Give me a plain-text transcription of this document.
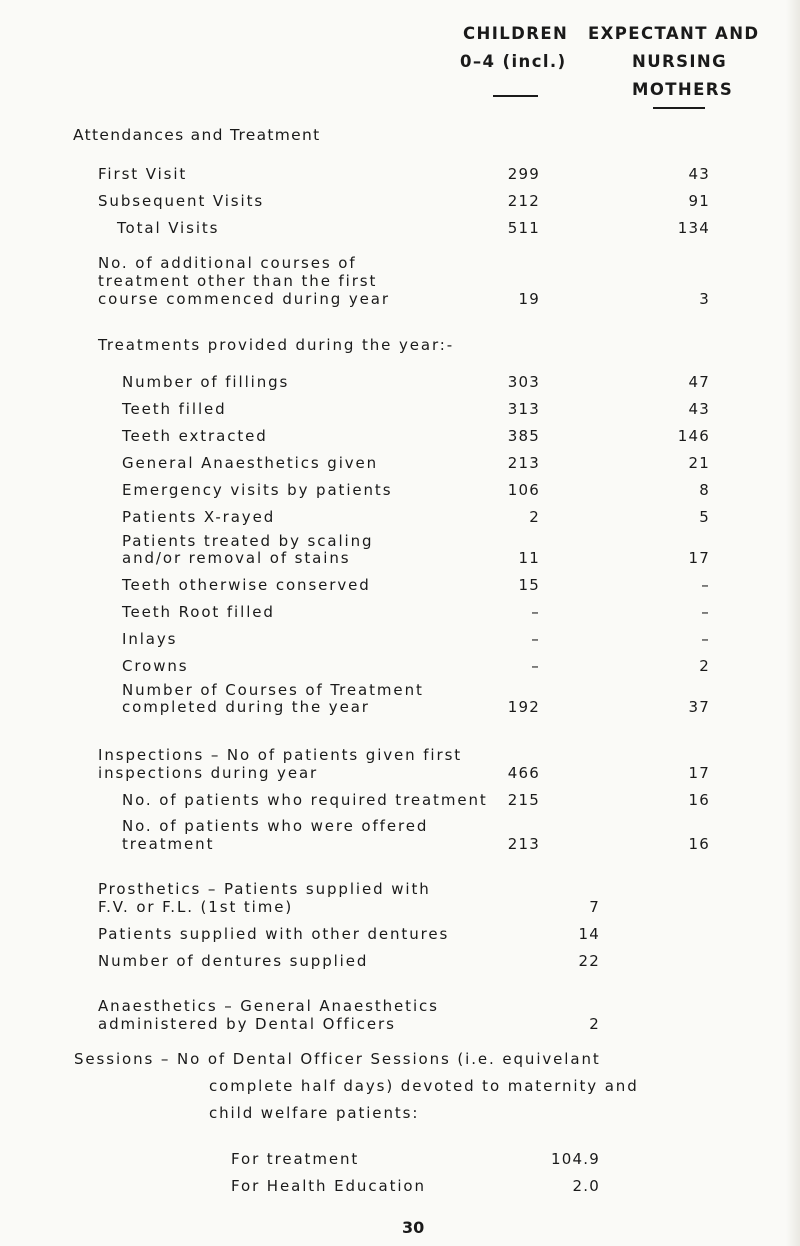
CHILDREN
0–4 (incl.)
EXPECTANT AND
NURSING
MOTHERS
Attendances and Treatment
First Visit	299	43
Subsequent Visits	212	91
Total Visits	511	134
No. of additional courses of
treatment other than the first
course commenced during year	19	3
Treatments provided during the year:-
Number of fillings	303	47
Teeth filled	313	43
Teeth extracted	385	146
General Anaesthetics given	213	21
Emergency visits by patients	106	8
Patients X-rayed	2	5
Patients treated by scaling
and/or removal of stains	11	17
Teeth otherwise conserved	15	–
Teeth Root filled	–	–
Inlays	–	–
Crowns	–	2
Number of Courses of Treatment
completed during the year	192	37
Inspections – No of patients given first
inspections during year	466	17
No. of patients who required treatment	215	16
No. of patients who were offered
treatment	213	16
Prosthetics – Patients supplied with
F.V. or F.L. (1st time)	7
Patients supplied with other dentures	14
Number of dentures supplied	22
Anaesthetics – General Anaesthetics
administered by Dental Officers	2
Sessions – No of Dental Officer Sessions (i.e. equivelant
complete half days) devoted to maternity and
child welfare patients:
For treatment	104.9
For Health Education	2.0
30
